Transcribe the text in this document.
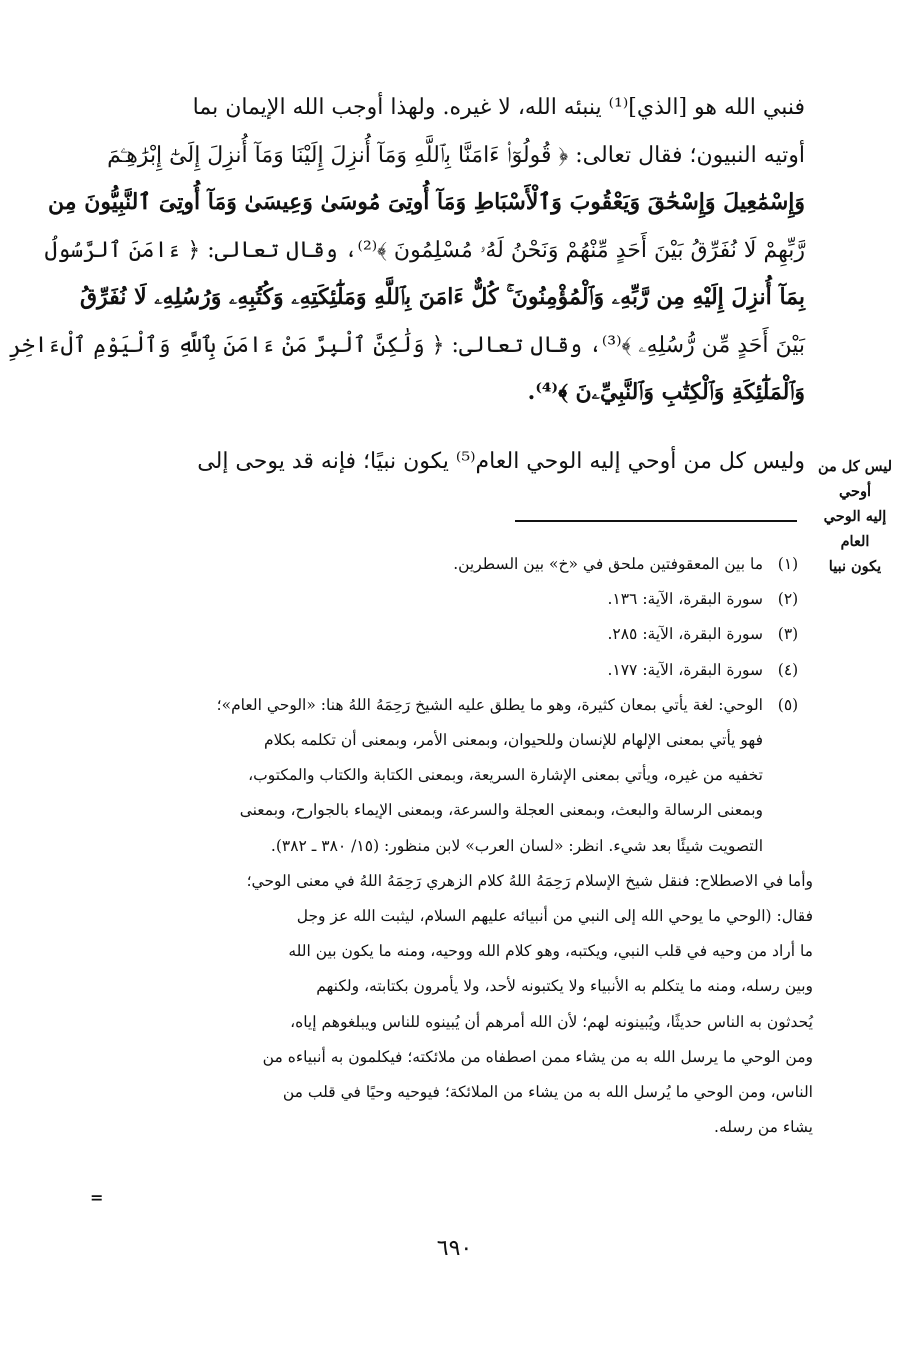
فنبي الله هو [الذي]⁽¹⁾ ينبئه الله، لا غيره. ولهذا أوجب الله الإيمان بما
أوتيه النبيون؛ فقال تعالى: ﴿ قُولُوٓا۟ ءَامَنَّا بِٱللَّهِ وَمَآ أُنزِلَ إِلَيْنَا وَمَآ أُنزِلَ إِلَىٰٓ إِبْرَٰهِـۧمَ
وَإِسْمَٰعِيلَ وَإِسْحَٰقَ وَيَعْقُوبَ وَٱلْأَسْبَاطِ وَمَآ أُوتِىَ مُوسَىٰ وَعِيسَىٰ وَمَآ أُوتِىَ ٱلنَّبِيُّونَ مِن
رَّبِّهِمْ لَا نُفَرِّقُ بَيْنَ أَحَدٍ مِّنْهُمْ وَنَحْنُ لَهُۥ مُسْلِمُونَ ﴾⁽²⁾، وقال تعالى: ﴿ ءَامَنَ ٱلرَّسُولُ
بِمَآ أُنزِلَ إِلَيْهِ مِن رَّبِّهِۦ وَٱلْمُؤْمِنُونَ ۚ كُلٌّ ءَامَنَ بِٱللَّهِ وَمَلَٰٓئِكَتِهِۦ وَكُتُبِهِۦ وَرُسُلِهِۦ لَا نُفَرِّقُ
بَيْنَ أَحَدٍ مِّن رُّسُلِهِۦ ﴾⁽³⁾، وقال تعالى: ﴿ وَلَٰكِنَّ ٱلْبِرَّ مَنْ ءَامَنَ بِٱللَّهِ وَٱلْيَوْمِ ٱلْءَاخِرِ
وَٱلْمَلَٰٓئِكَةِ وَٱلْكِتَٰبِ وَٱلنَّبِيِّۦنَ ﴾⁽⁴⁾.
وليس كل من أوحي إليه الوحي العام⁽⁵⁾ يكون نبيًا؛ فإنه قد يوحى إلى ليس كل من أوحي
إليه الوحي العام
يكون نبيا
(١)
ما بين المعقوفتين ملحق في «خ» بين السطرين.
(٢)
سورة البقرة، الآية: ١٣٦.
(٣)
سورة البقرة، الآية: ٢٨٥.
(٤)
سورة البقرة، الآية: ١٧٧.
(٥)
الوحي: لغة يأتي بمعان كثيرة، وهو ما يطلق عليه الشيخ رَحِمَهُ اللهُ هنا: «الوحي العام»؛
فهو يأتي بمعنى الإلهام للإنسان وللحيوان، وبمعنى الأمر، وبمعنى أن تكلمه بكلام
تخفيه من غيره، ويأتي بمعنى الإشارة السريعة، وبمعنى الكتابة والكتاب والمكتوب،
وبمعنى الرسالة والبعث، وبمعنى العجلة والسرعة، وبمعنى الإيماء بالجوارح، وبمعنى
التصويت شيئًا بعد شيء. انظر: «لسان العرب» لابن منظور: (١٥/ ٣٨٠ ـ ٣٨٢).
وأما في الاصطلاح: فنقل شيخ الإسلام رَحِمَهُ اللهُ كلام الزهري رَحِمَهُ اللهُ في معنى الوحي؛
فقال: (الوحي ما يوحي الله إلى النبي من أنبيائه عليهم السلام، ليثبت الله عز وجل
ما أراد من وحيه في قلب النبي، ويكتبه، وهو كلام الله ووحيه، ومنه ما يكون بين الله
وبين رسله، ومنه ما يتكلم به الأنبياء ولا يكتبونه لأحد، ولا يأمرون بكتابته، ولكنهم
يُحدثون به الناس حديثًا، ويُبينونه لهم؛ لأن الله أمرهم أن يُبينوه للناس ويبلغوهم إياه،
ومن الوحي ما يرسل الله به من يشاء ممن اصطفاه من ملائكته؛ فيكلمون به أنبياءه من
الناس، ومن الوحي ما يُرسل الله به من يشاء من الملائكة؛ فيوحيه وحيًا في قلب من
يشاء من رسله.
=
٦٩٠
